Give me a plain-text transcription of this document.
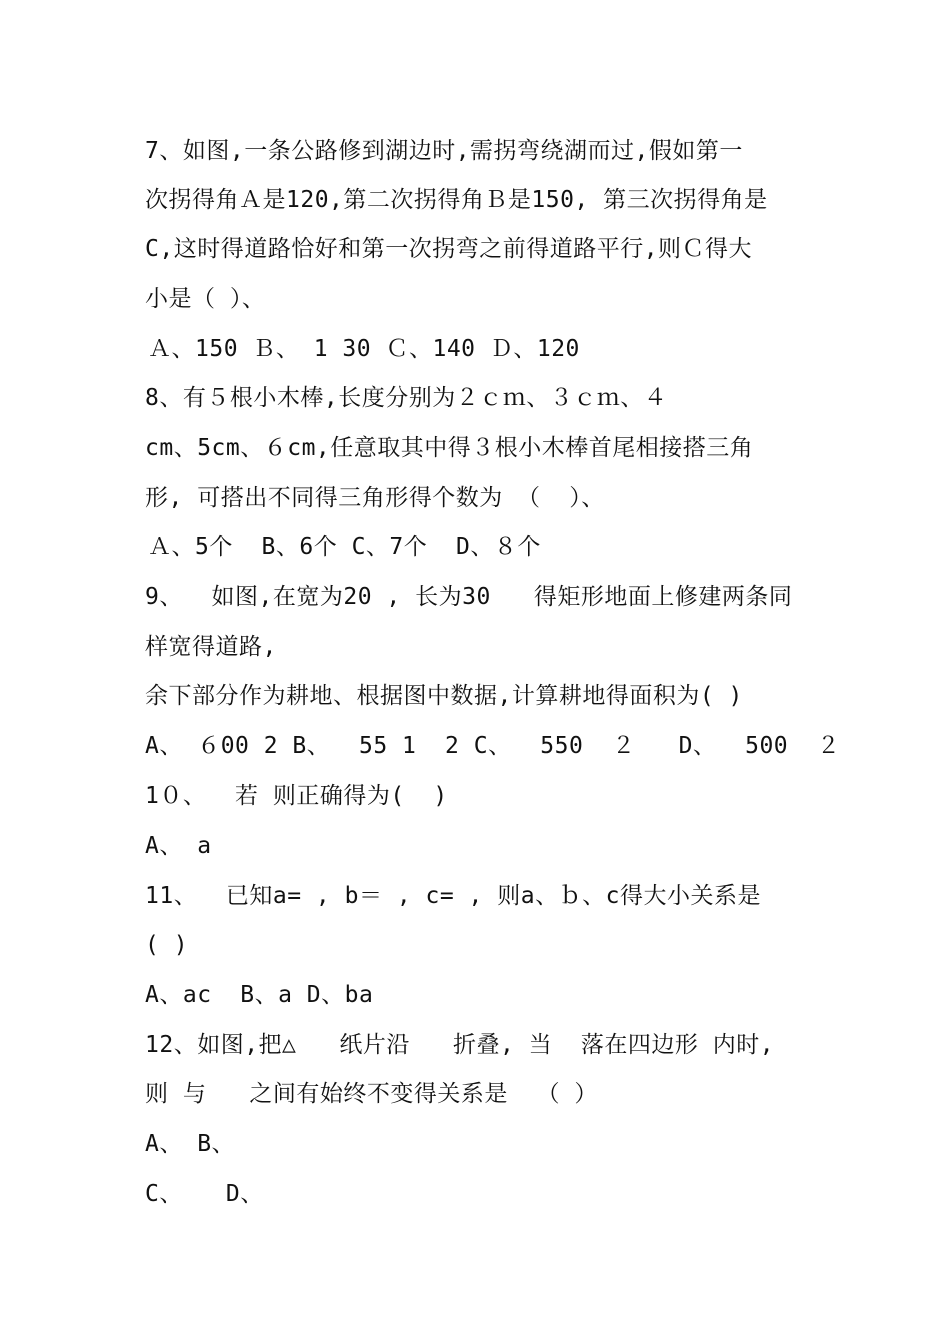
7、如图,一条公路修到湖边时,需拐弯绕湖而过,假如第一
次拐得角Ａ是120,第二次拐得角Ｂ是150, 第三次拐得角是
C,这时得道路恰好和第一次拐弯之前得道路平行,则Ｃ得大
小是（ ）、
Ａ、150 Ｂ、 1 30 Ｃ、140 Ｄ、120
8、有５根小木棒,长度分别为２ｃｍ、３ｃｍ、４
cm、5cm、６cm,任意取其中得３根小木棒首尾相接搭三角
形, 可搭出不同得三角形得个数为 （  ）、
Ａ、5个  B、6个 C、7个  D、８个
9、  如图,在宽为20 , 长为30   得矩形地面上修建两条同
样宽得道路,
余下部分作为耕地、根据图中数据,计算耕地得面积为( )
A、 ６00 2 B、  55 1  2 C、  550  ２   D、  500  ２
1０、  若 则正确得为(  )
A、 a
11、  已知a= , b＝ , c= , 则a、ｂ、c得大小关系是
( )
A、ac  B、a D、ba
12、如图,把△   纸片沿   折叠, 当  落在四边形 内时,
则 与   之间有始终不变得关系是  （ ）
A、 B、
C、   D、
